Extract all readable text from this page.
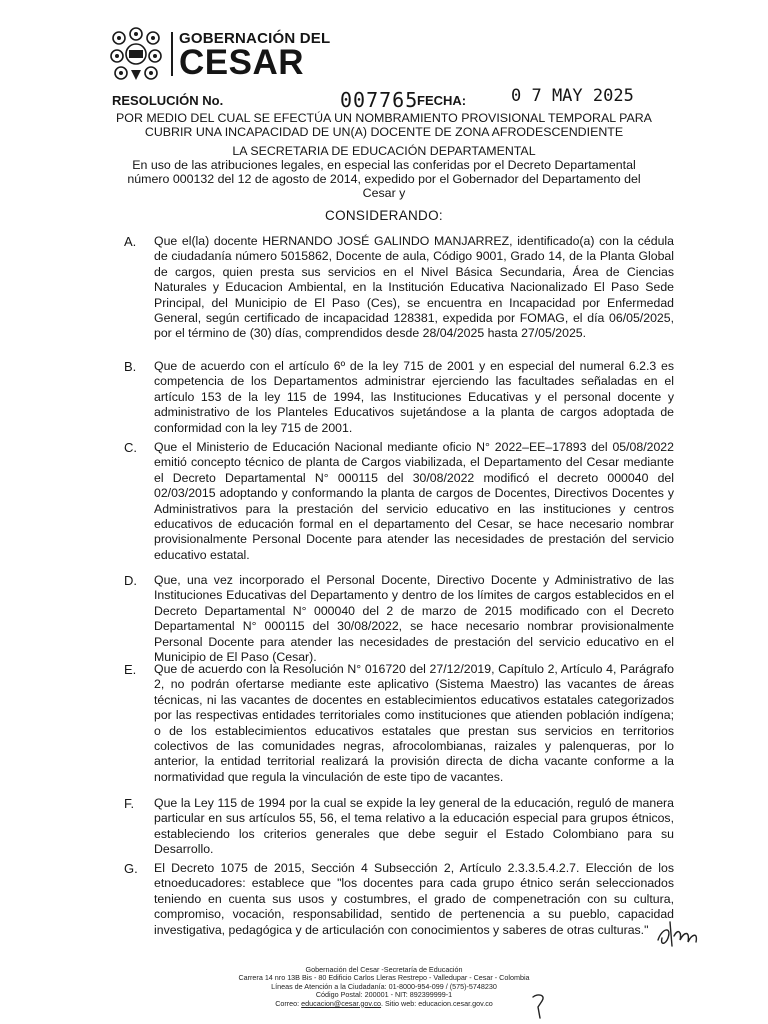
GOBERNACIÓN DEL
CESAR
RESOLUCIÓN No.	007765
FECHA:	0 7 MAY 2025
POR MEDIO DEL CUAL SE EFECTÚA UN NOMBRAMIENTO PROVISIONAL TEMPORAL PARA
CUBRIR UNA INCAPACIDAD DE UN(A) DOCENTE DE ZONA AFRODESCENDIENTE
LA SECRETARIA DE EDUCACIÓN DEPARTAMENTAL
En uso de las atribuciones legales, en especial las conferidas por el Decreto Departamental
número 000132 del 12 de agosto de 2014, expedido por el Gobernador del Departamento del
Cesar y
CONSIDERANDO:
A. Que el(la) docente HERNANDO JOSÉ GALINDO MANJARREZ, identificado(a) con la cédula de ciudadanía número 5015862, Docente de aula, Código 9001, Grado 14, de la Planta Global de cargos, quien presta sus servicios en el Nivel Básica Secundaria, Área de Ciencias Naturales y Educacion Ambiental, en la Institución Educativa Nacionalizado El Paso Sede Principal, del Municipio de El Paso (Ces), se encuentra en Incapacidad por Enfermedad General, según certificado de incapacidad 128381, expedida por FOMAG, el día 06/05/2025, por el término de (30) días, comprendidos desde 28/04/2025 hasta 27/05/2025.
B. Que de acuerdo con el artículo 6º de la ley 715 de 2001 y en especial del numeral 6.2.3 es competencia de los Departamentos administrar ejerciendo las facultades señaladas en el artículo 153 de la ley 115 de 1994, las Instituciones Educativas y el personal docente y administrativo de los Planteles Educativos sujetándose a la planta de cargos adoptada de conformidad con la ley 715 de 2001.
C. Que el Ministerio de Educación Nacional mediante oficio N° 2022–EE–17893 del 05/08/2022 emitió concepto técnico de planta de Cargos viabilizada, el Departamento del Cesar mediante el Decreto Departamental N° 000115 del 30/08/2022 modificó el decreto 000040 del 02/03/2015 adoptando y conformando la planta de cargos de Docentes, Directivos Docentes y Administrativos para la prestación del servicio educativo en las instituciones y centros educativos de educación formal en el departamento del Cesar, se hace necesario nombrar provisionalmente Personal Docente para atender las necesidades de prestación del servicio educativo estatal.
D. Que, una vez incorporado el Personal Docente, Directivo Docente y Administrativo de las Instituciones Educativas del Departamento y dentro de los límites de cargos establecidos en el Decreto Departamental N° 000040 del 2 de marzo de 2015 modificado con el Decreto Departamental N° 000115 del 30/08/2022, se hace necesario nombrar provisionalmente Personal Docente para atender las necesidades de prestación del servicio educativo en el Municipio de El Paso (Cesar).
E. Que de acuerdo con la Resolución N° 016720 del 27/12/2019, Capítulo 2, Artículo 4, Parágrafo 2, no podrán ofertarse mediante este aplicativo (Sistema Maestro) las vacantes de áreas técnicas, ni las vacantes de docentes en establecimientos educativos estatales categorizados por las respectivas entidades territoriales como instituciones que atienden población indígena; o de los establecimientos educativos estatales que prestan sus servicios en territorios colectivos de las comunidades negras, afrocolombianas, raizales y palenqueras, por lo anterior, la entidad territorial realizará la provisión directa de dicha vacante conforme a la normatividad que regula la vinculación de este tipo de vacantes.
F. Que la Ley 115 de 1994 por la cual se expide la ley general de la educación, reguló de manera particular en sus artículos 55, 56, el tema relativo a la educación especial para grupos étnicos, estableciendo los criterios generales que debe seguir el Estado Colombiano para su Desarrollo.
G. El Decreto 1075 de 2015, Sección 4 Subsección 2, Artículo 2.3.3.5.4.2.7. Elección de los etnoeducadores: establece que "los docentes para cada grupo étnico serán seleccionados teniendo en cuenta sus usos y costumbres, el grado de compenetración con su cultura, compromiso, vocación, responsabilidad, sentido de pertenencia a su pueblo, capacidad investigativa, pedagógica y de articulación con conocimientos y saberes de otras culturas."
Gobernación del Cesar -Secretaría de Educación
Carrera 14 nro 13B Bis - 80 Edificio Carlos Lleras Restrepo - Valledupar - Cesar - Colombia
Líneas de Atención a la Ciudadanía: 01-8000-954-099 / (575)-5748230
Código Postal: 200001 - NIT: 892399999-1
Correo: educacion@cesar.gov.co. Sitio web: educacion.cesar.gov.co
